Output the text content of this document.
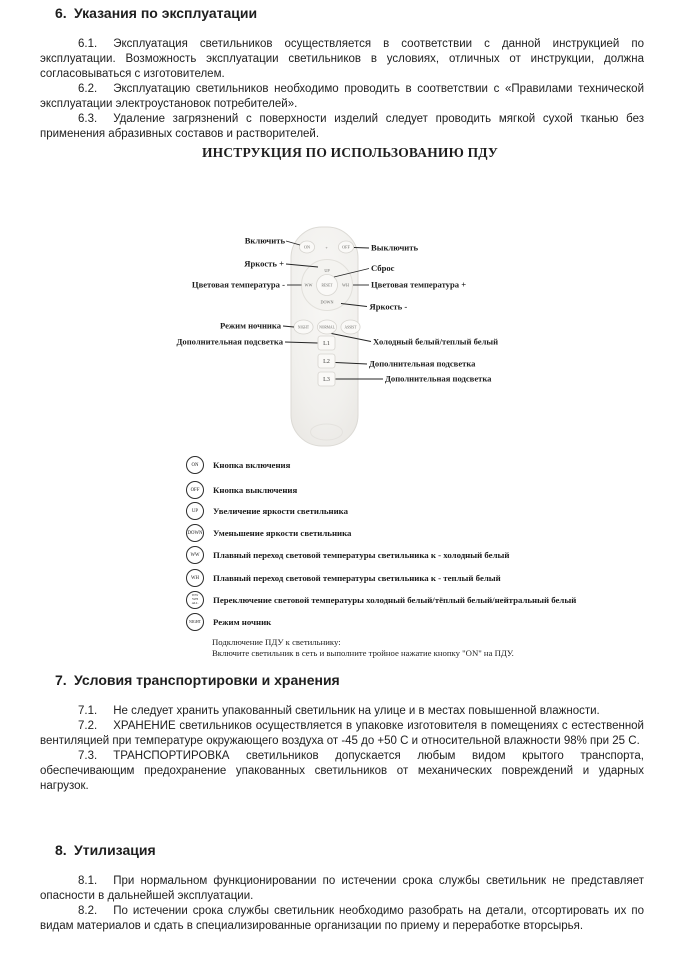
6. Указания по эксплуатации

6.1. Эксплуатация светильников осуществляется в соответствии с данной инструкцией по эксплуатации. Возможность эксплуатации светильников в условиях, отличных от инструкции, должна согласовываться с изготовителем.

6.2. Эксплуатацию светильников необходимо проводить в соответствии с «Правилами технической эксплуатации электроустановок потребителей».

6.3. Удаление загрязнений с поверхности изделий следует проводить мягкой сухой тканью без применения абразивных составов и растворителей.

ИНСТРУКЦИЯ ПО ИСПОЛЬЗОВАНИЮ ПДУ
ON	+	OFF
UP
WW	RESET WH
DOWN
NIGHT	NORMAL	ASSIST
L1
L2
L3
Включить
Яркость +
Цветовая температура -
Режим ночника
Дополнительная подсветка
Выключить
Сброс
Цветовая температура +
Яркость -
Холодный белый/теплый белый
Дополнительная подсветка
Дополнительная подсветка
ON	Кнопка включения
OFF	Кнопка выключения
UP	Увеличение яркости светильника
DOWN Уменьшение яркости светильника
WW	Плавный переход световой температуры светильника к - холодный белый
WH	Плавный переход световой температуры светильника к - теплый белый
WW
WH
ALL Переключение световой температуры холодный белый/тёплый белый/нейтральный белый
NIGHT	Режим ночник
Подключение ПДУ к светильнику:
Включите светильник в сеть и выполните тройное нажатие кнопку "ON" на ПДУ.
7. Условия транспортировки и хранения

7.1. Не следует хранить упакованный светильник на улице и в местах повышенной влажности.

7.2. ХРАНЕНИЕ светильников осуществляется в упаковке изготовителя в помещениях с естественной вентиляцией при температуре окружающего воздуха от -45 до +50 С и относительной влажности 98% при 25 С.

7.3. ТРАНСПОРТИРОВКА светильников допускается любым видом крытого транспорта, обеспечивающим предохранение упакованных светильников от механических повреждений и ударных нагрузок.

8. Утилизация

8.1. При нормальном функционировании по истечении срока службы светильник не представляет опасности в дальнейшей эксплуатации.

8.2. По истечении срока службы светильник необходимо разобрать на детали, отсортировать их по видам материалов и сдать в специализированные организации по приему и переработке вторсырья.
